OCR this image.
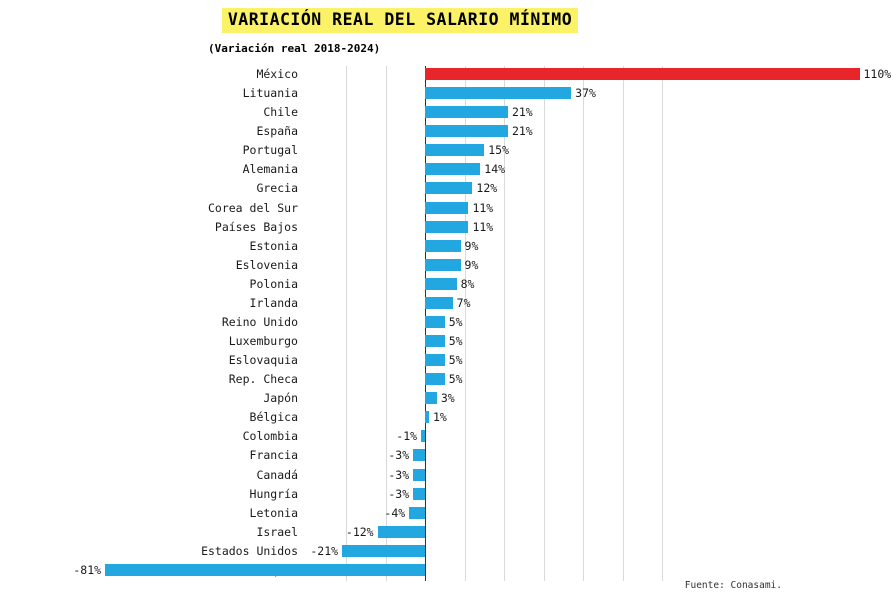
VARIACIÓN REAL DEL SALARIO MÍNIMO
(Variación real 2018-2024)
México	110%
Lituania	37%
Chile	21%
España	21%
Portugal	15%
Alemania	14%
Grecia	12%
Corea del Sur	11%
Países Bajos	11%
Estonia	9%
Eslovenia	9%
Polonia	8%
Irlanda	7%
Reino Unido	5%
Luxemburgo	5%
Eslovaquia	5%
Rep. Checa	5%
Japón	3%
Bélgica	1%
Colombia	-1%
Francia	-3%
Canadá	-3%
Hungría	-3%
Letonia	-4%
Israel	-12%
Estados Unidos -21%
-81%
Fuente: Conasami.
